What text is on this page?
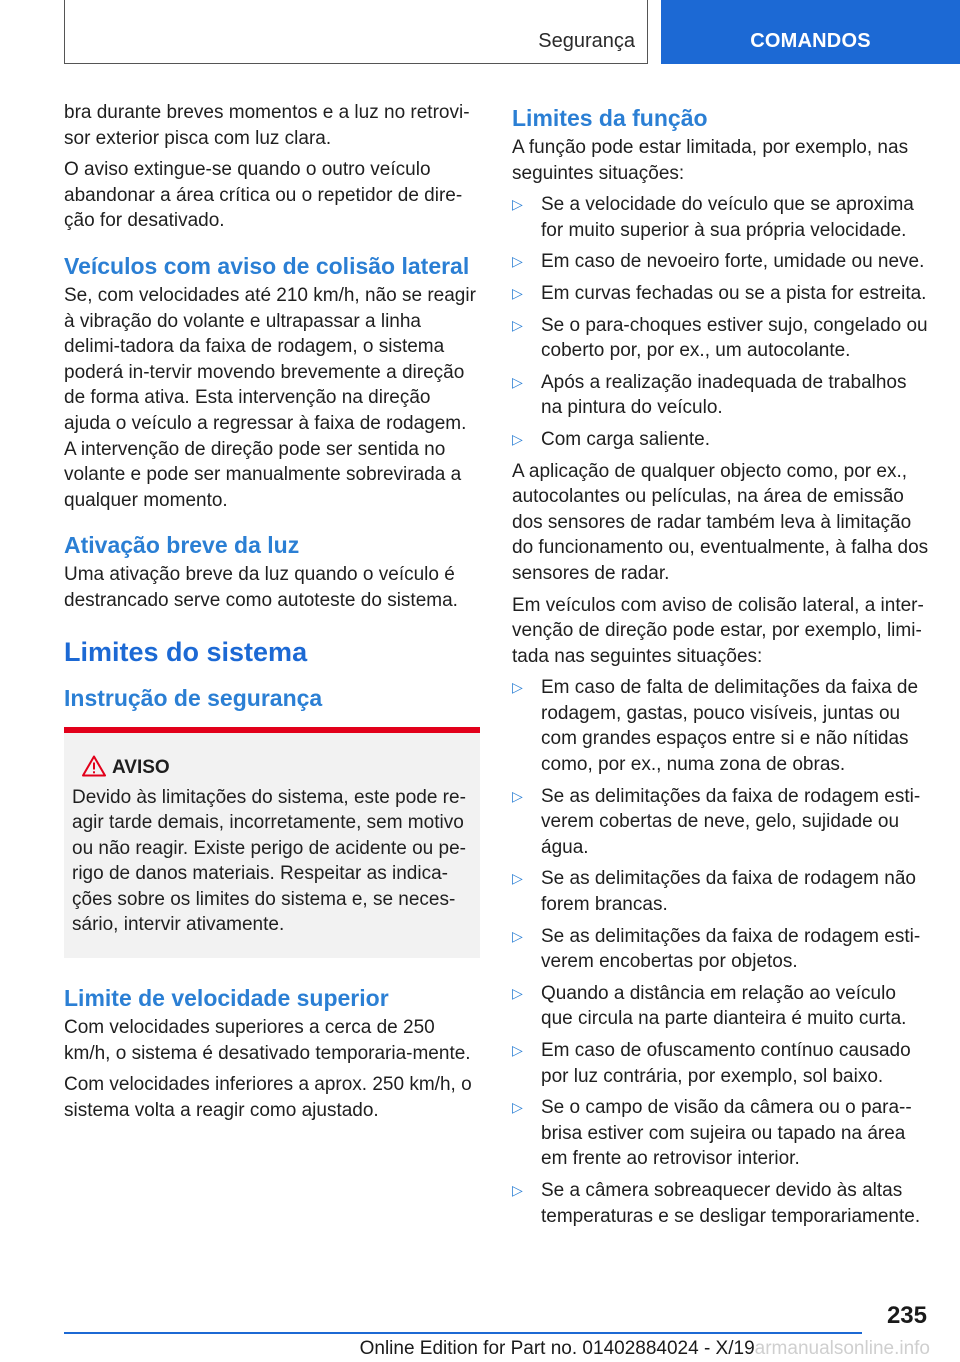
Segurança	COMANDOS

bra durante breves momentos e a luz no retrovi-sor exterior pisca com luz clara.

O aviso extingue-se quando o outro veículo abandonar a área crítica ou o repetidor de dire-ção for desativado.

Veículos com aviso de colisão lateral

Se, com velocidades até 210 km/h, não se reagir à vibração do volante e ultrapassar a linha delimi-tadora da faixa de rodagem, o sistema poderá in-tervir movendo brevemente a direção de forma ativa. Esta intervenção na direção ajuda o veículo a regressar à faixa de rodagem. A intervenção de direção pode ser sentida no volante e pode ser manualmente sobrevirada a qualquer momento.

Ativação breve da luz

Uma ativação breve da luz quando o veículo é destrancado serve como autoteste do sistema.

Limites do sistema
Instrução de segurança
AVISO

Devido às limitações do sistema, este pode re-agir tarde demais, incorretamente, sem motivo ou não reagir. Existe perigo de acidente ou pe-rigo de danos materiais. Respeitar as indica-ções sobre os limites do sistema e, se neces-sário, intervir ativamente.

Limite de velocidade superior

Com velocidades superiores a cerca de 250 km/h, o sistema é desativado temporaria-mente.

Com velocidades inferiores a aprox. 250 km/h, o sistema volta a reagir como ajustado.

Limites da função

A função pode estar limitada, por exemplo, nas seguintes situações:

▷ Se a velocidade do veículo que se aproxima for muito superior à sua própria velocidade.
▷ Em caso de nevoeiro forte, umidade ou neve.
▷ Em curvas fechadas ou se a pista for estreita.
▷ Se o para-choques estiver sujo, congelado ou coberto por, por ex., um autocolante.
▷ Após a realização inadequada de trabalhos na pintura do veículo.
▷ Com carga saliente.

A aplicação de qualquer objecto como, por ex., autocolantes ou películas, na área de emissão dos sensores de radar também leva à limitação do funcionamento ou, eventualmente, à falha dos sensores de radar.

Em veículos com aviso de colisão lateral, a inter-venção de direção pode estar, por exemplo, limi-tada nas seguintes situações:

▷ Em caso de falta de delimitações da faixa de rodagem, gastas, pouco visíveis, juntas ou com grandes espaços entre si e não nítidas como, por ex., numa zona de obras.
▷ Se as delimitações da faixa de rodagem esti-verem cobertas de neve, gelo, sujidade ou água.
▷ Se as delimitações da faixa de rodagem não forem brancas.
▷ Se as delimitações da faixa de rodagem esti-verem encobertas por objetos.
▷ Quando a distância em relação ao veículo que circula na parte dianteira é muito curta.
▷ Em caso de ofuscamento contínuo causado por luz contrária, por exemplo, sol baixo.
▷ Se o campo de visão da câmera ou o para--brisa estiver com sujeira ou tapado na área em frente ao retrovisor interior.
▷ Se a câmera sobreaquecer devido às altas temperaturas e se desligar temporariamente.
235
Online Edition for Part no. 01402884024 - X/19armanualsonline.info
